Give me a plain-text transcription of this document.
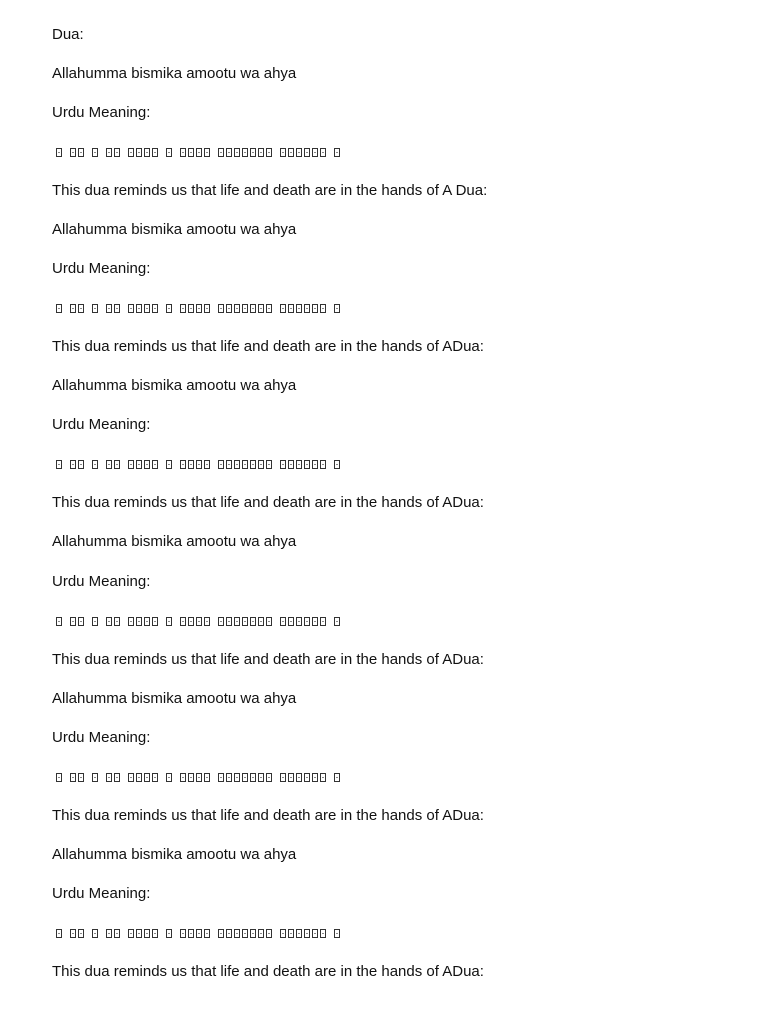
Dua:
Allahumma bismika amootu wa ahya
Urdu Meaning:
This dua reminds us that life and death are in the hands of A Dua:
Allahumma bismika amootu wa ahya
Urdu Meaning:
This dua reminds us that life and death are in the hands of ADua:
Allahumma bismika amootu wa ahya
Urdu Meaning:
This dua reminds us that life and death are in the hands of ADua:
Allahumma bismika amootu wa ahya
Urdu Meaning:
This dua reminds us that life and death are in the hands of ADua:
Allahumma bismika amootu wa ahya
Urdu Meaning:
This dua reminds us that life and death are in the hands of ADua:
Allahumma bismika amootu wa ahya
Urdu Meaning:
This dua reminds us that life and death are in the hands of ADua:
